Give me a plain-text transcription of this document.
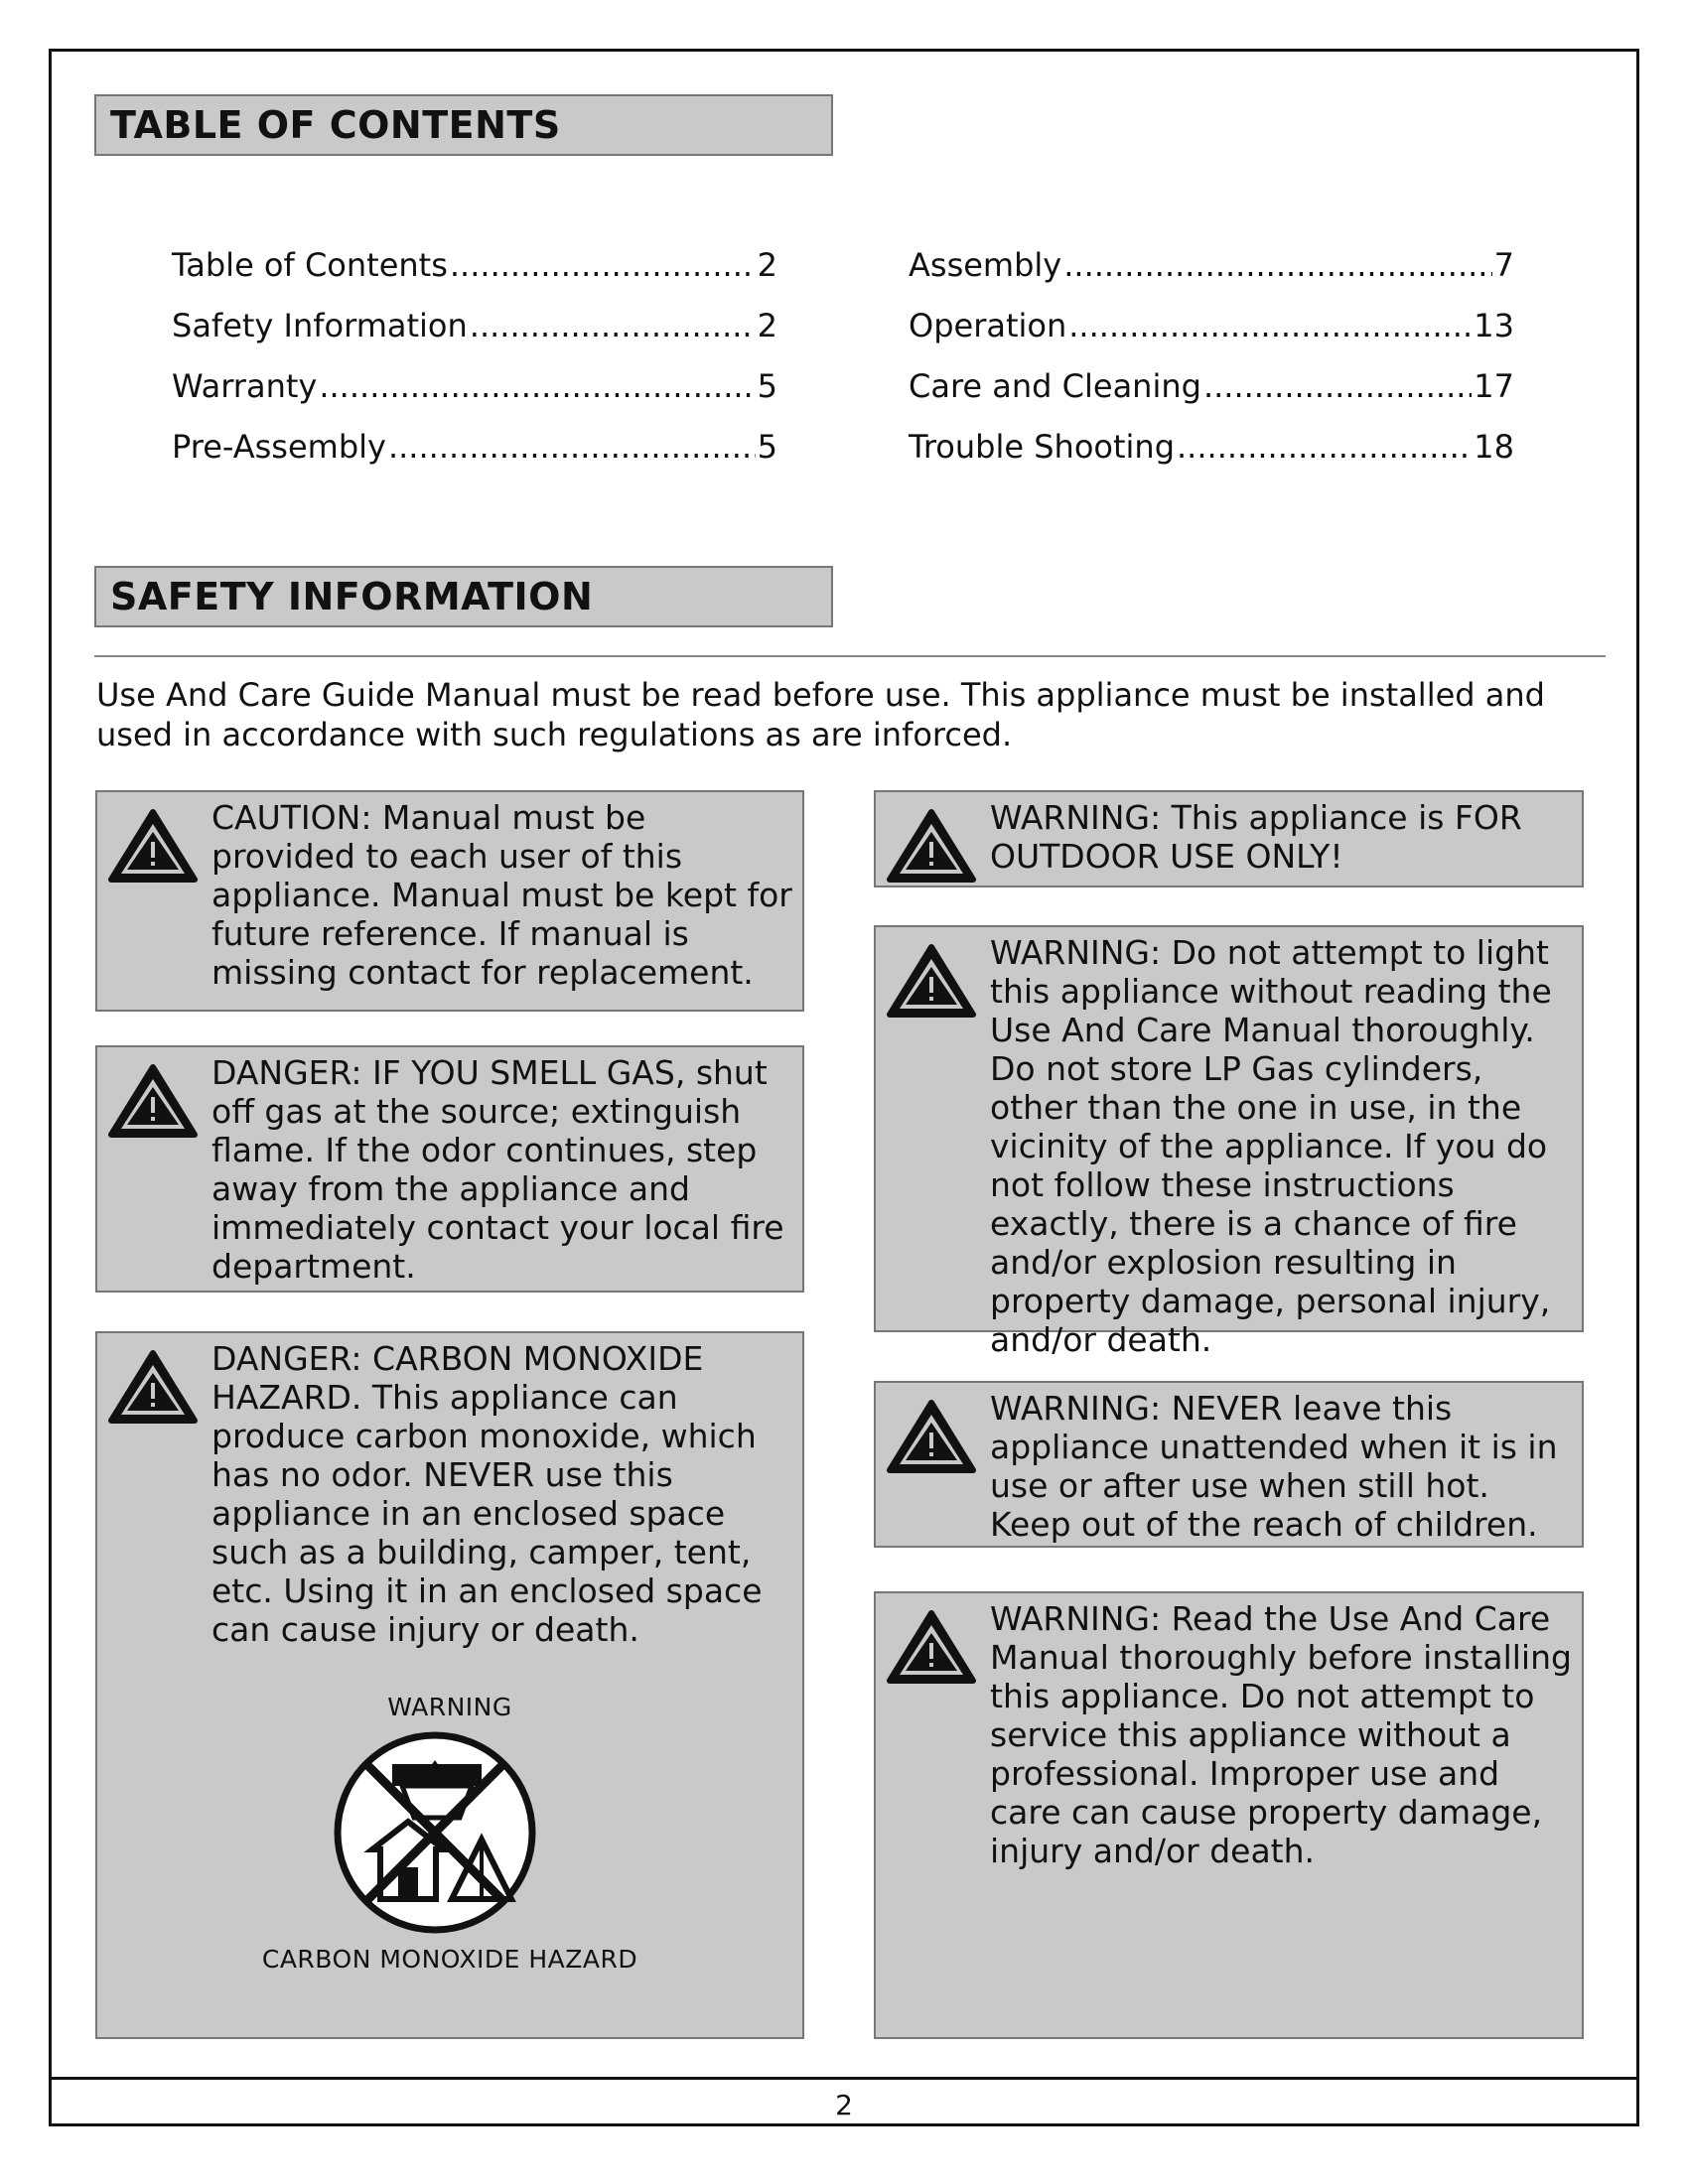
TABLE OF CONTENTS
Table of Contents .....	2
Safety Information .....	2
Warranty .....	5
Pre-Assembly .....	5
Assembly .....	7
Operation .....	13
Care and Cleaning .....	17
Trouble Shooting .....	18
SAFETY INFORMATION
Use And Care Guide Manual must be read before use. This appliance must be installed and used in accordance with such regulations as are inforced.
CAUTION: Manual must be provided to each user of this appliance. Manual must be kept for future reference. If manual is missing contact for replacement.
DANGER: IF YOU SMELL GAS, shut off gas at the source; extinguish flame. If the odor continues, step away from the appliance and immediately contact your local fire department.
DANGER: CARBON MONOXIDE HAZARD. This appliance can produce carbon monoxide, which has no odor. NEVER use this appliance in an enclosed space such as a building, camper, tent, etc. Using it in an enclosed space can cause injury or death.
WARNING
CARBON MONOXIDE HAZARD
WARNING: This appliance is FOR OUTDOOR USE ONLY!
WARNING: Do not attempt to light this appliance without reading the Use And Care Manual thoroughly. Do not store LP Gas cylinders, other than the one in use, in the vicinity of the appliance. If you do not follow these instructions exactly, there is a chance of fire and/or explosion resulting in property damage, personal injury, and/or death.
WARNING: NEVER leave this appliance unattended when it is in use or after use when still hot. Keep out of the reach of children.
WARNING: Read the Use And Care Manual thoroughly before installing this appliance. Do not attempt to service this appliance without a professional. Improper use and care can cause property damage, injury and/or death.
2
